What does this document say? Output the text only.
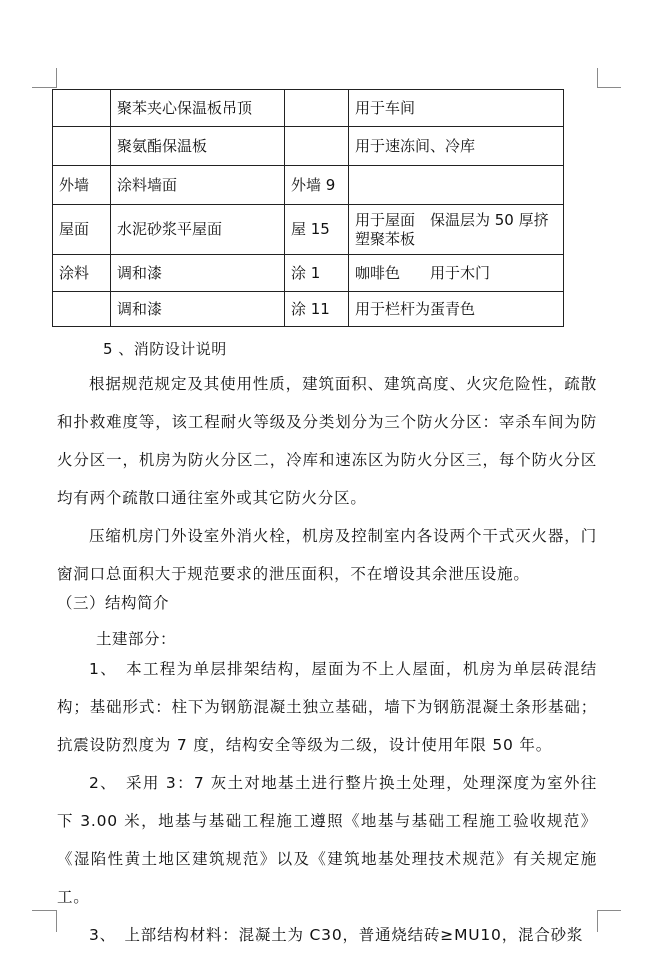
	聚苯夹心保温板吊顶		用于车间
	聚氨酯保温板		用于速冻间、冷库
外墙	涂料墙面	外墙 9	
屋面	水泥砂浆平屋面	屋 15	用于屋面　保温层为 50 厚挤塑聚苯板
涂料	调和漆	涂 1	咖啡色　　用于木门
	调和漆	涂 11	用于栏杆为蛋青色
5 、消防设计说明

根据规范规定及其使用性质，建筑面积、建筑高度、火灾危险性，疏散和扑救难度等，该工程耐火等级及分类划分为三个防火分区：宰杀车间为防火分区一，机房为防火分区二，冷库和速冻区为防火分区三，每个防火分区均有两个疏散口通往室外或其它防火分区。

压缩机房门外设室外消火栓，机房及控制室内各设两个干式灭火器，门窗洞口总面积大于规范要求的泄压面积，不在增设其余泄压设施。

（三）结构简介
土建部分：

1、　本工程为单层排架结构，屋面为不上人屋面，机房为单层砖混结构；基础形式：柱下为钢筋混凝土独立基础，墙下为钢筋混凝土条形基础；抗震设防烈度为 7 度，结构安全等级为二级，设计使用年限 50 年。

2、　采用 3：7 灰土对地基土进行整片换土处理，处理深度为室外往下 3.00 米，地基与基础工程施工遵照《地基与基础工程施工验收规范》《湿陷性黄土地区建筑规范》以及《建筑地基处理技术规范》有关规定施工。

3、　上部结构材料：混凝土为 C30，普通烧结砖≥MU10，混合砂浆
